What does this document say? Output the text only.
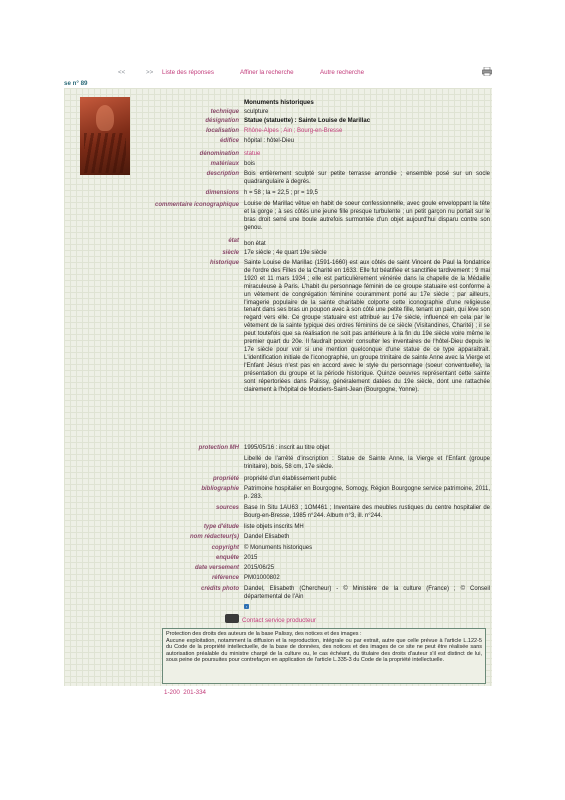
<<	>> Liste des réponses	Affiner la recherche	Autre recherche
se n° 89
Monuments historiques
technique sculpture
désignation Statue (statuette) : Sainte Louise de Marillac
localisation Rhône-Alpes ; Ain ; Bourg-en-Bresse
édifice hôpital : hôtel-Dieu
dénomination statue
matériaux bois
description Bois entièrement sculpté sur petite terrasse arrondie ; ensemble posé sur un socle quadrangulaire à degrés.
dimensions h = 58 ; la = 22,5 ; pr = 19,5
commentaire iconographique Louise de Marillac vêtue en habit de soeur confessionnelle, avec goule enveloppant la tête et la gorge ; à ses côtés une jeune fille presque turbulente ; un petit garçon nu portait sur le bras droit serré une boule autrefois surmontée d'un objet aujourd'hui disparu contre son genou.
état bon état
siècle 17e siècle ; 4e quart 19e siècle
historique Sainte Louise de Marillac (1591-1660) est aux côtés de saint Vincent de Paul la fondatrice de l'ordre des Filles de la Charité en 1633. Elle fut béatifiée et sanctifiée tardivement : 9 mai 1920 et 11 mars 1934 ; elle est particulièrement vénérée dans la chapelle de la Médaille miraculeuse à Paris. L'habit du personnage féminin de ce groupe statuaire est conforme à un vêtement de congrégation féminine couramment porté au 17e siècle ; par ailleurs, l'imagerie populaire de la sainte charitable colporte cette iconographie d'une religieuse tenant dans ses bras un poupon avec à son côté une petite fille, tenant un pain, qui lève son regard vers elle. Ce groupe statuaire est attribué au 17e siècle, influencé en cela par le vêtement de la sainte typique des ordres féminins de ce siècle (Visitandines, Charité) ; il se peut toutefois que sa réalisation ne soit pas antérieure à la fin du 19e siècle voire même le premier quart du 20e. Il faudrait pouvoir consulter les inventaires de l'hôtel-Dieu depuis le 17e siècle pour voir si une mention quelconque d'une statue de ce type apparaîtrait. L'identification initiale de l'iconographie, un groupe trinitaire de sainte Anne avec la Vierge et l'Enfant Jésus n'est pas en accord avec le style du personnage (soeur conventuelle), la présentation du groupe et la période historique. Quinze oeuvres représentant cette sainte sont répertoriées dans Palissy, généralement datées du 19e siècle, dont une rattachée clairement à l'hôpital de Moutiers-Saint-Jean (Bourgogne, Yonne).
protection MH 1995/05/16 : inscrit au titre objet
Libellé de l'arrêté d'inscription : Statue de Sainte Anne, la Vierge et l'Enfant (groupe trinitaire), bois, 58 cm, 17e siècle.
propriété propriété d'un établissement public
bibliographie Patrimoine hospitalier en Bourgogne, Somogy, Région Bourgogne service patrimoine, 2011, p. 283.
sources Base In Situ 1AU63 ; 1OM461 ; Inventaire des meubles rustiques du centre hospitalier de Bourg-en-Bresse, 1985 n°244. Album n°3, ill. n°244.
type d'étude liste objets inscrits MH
nom rédacteur(s) Dandel Elisabeth
copyright © Monuments historiques
enquête 2015
date versement 2015/06/25
référence PM01000802
crédits photo Dandel, Elisabeth (Chercheur) - © Ministère de la culture (France) ; © Conseil départemental de l'Ain
›
Contact service producteur
Protection des droits des auteurs de la base Palissy, des notices et des images :
Aucune exploitation, notamment la diffusion et la reproduction, intégrale ou par extrait, autre que celle prévue à l'article L.122-5 du Code de la propriété intellectuelle, de la base de données, des notices et des images de ce site ne peut être réalisée sans autorisation préalable du ministre chargé de la culture ou, le cas échéant, du titulaire des droits d'auteur s'il est distinct de lui, sous peine de poursuites pour contrefaçon en application de l'article L.335-3 du Code de la propriété intellectuelle.
1-200 201-334
